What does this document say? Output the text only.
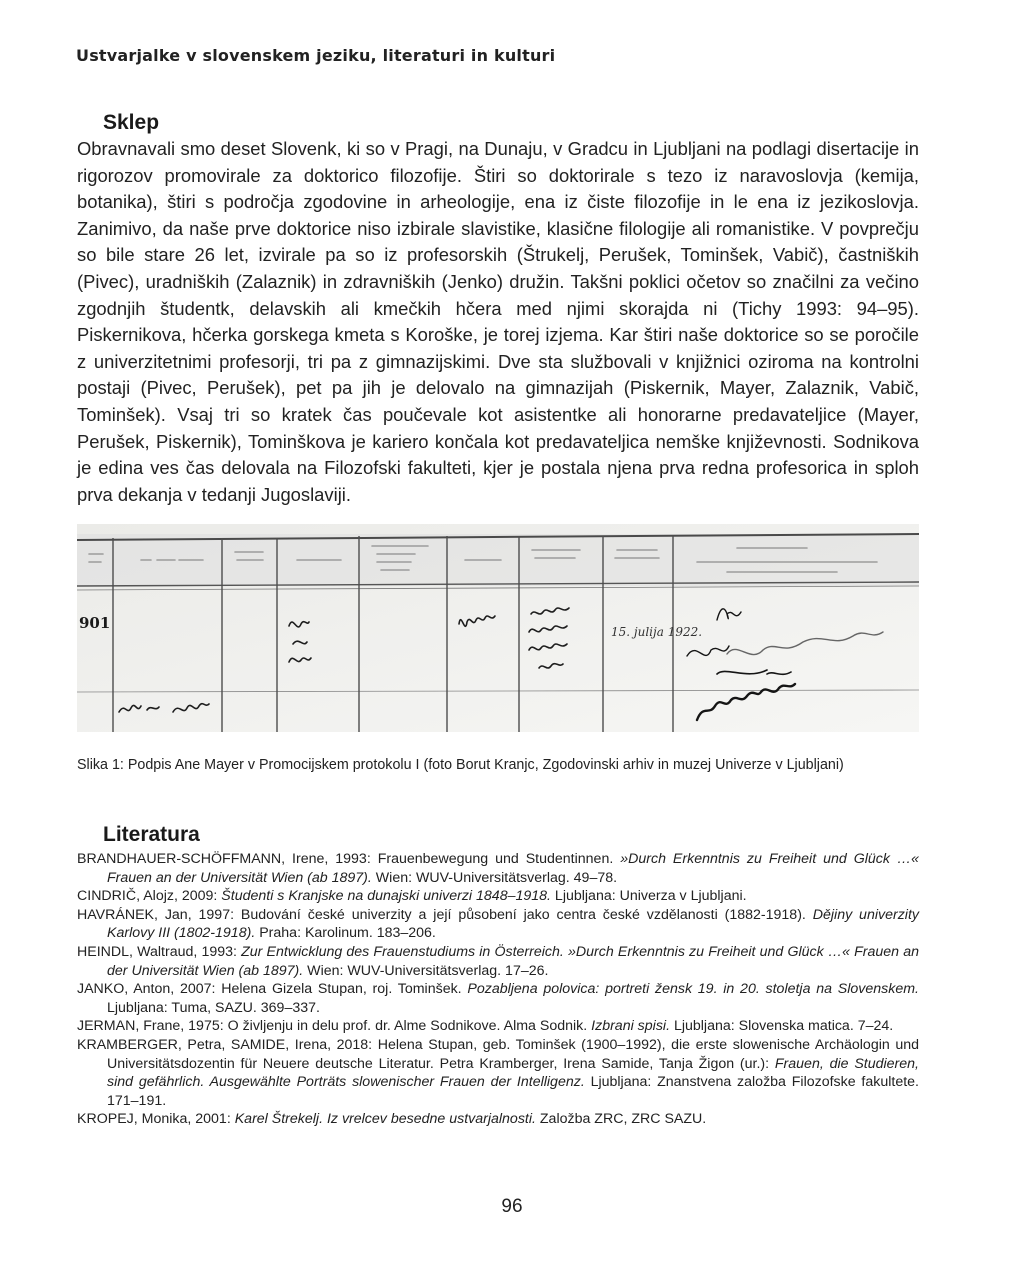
Ustvarjalke v slovenskem jeziku, literaturi in kulturi
Sklep

Obravnavali smo deset Slovenk, ki so v Pragi, na Dunaju, v Gradcu in Ljubljani na podlagi disertacije in rigorozov promovirale za doktorico filozofije. Štiri so doktorirale s tezo iz naravoslovja (kemija, botanika), štiri s področja zgodovine in arheologije, ena iz čiste filozofije in le ena iz jezikoslovja. Zanimivo, da naše prve doktorice niso izbirale slavistike, klasične filologije ali romanistike. V povprečju so bile stare 26 let, izvirale pa so iz profesorskih (Štrukelj, Perušek, Tominšek, Vabič), častniških (Pivec), uradniških (Zalaznik) in zdravniških (Jenko) družin. Takšni poklici očetov so značilni za večino zgodnjih študentk, delavskih ali kmečkih hčera med njimi skorajda ni (Tichy 1993: 94–95). Piskernikova, hčerka gorskega kmeta s Koroške, je torej izjema. Kar štiri naše doktorice so se poročile z univerzitetnimi profesorji, tri pa z gimnazijskimi. Dve sta službovali v knjižnici oziroma na kontrolni postaji (Pivec, Perušek), pet pa jih je delovalo na gimnazijah (Piskernik, Mayer, Zalaznik, Vabič, Tominšek). Vsaj tri so kratek čas poučevale kot asistentke ali honorarne predavateljice (Mayer, Perušek, Piskernik), Tominškova je kariero končala kot predavateljica nemške književnosti. Sodnikova je edina ves čas delovala na Filozofski fakulteti, kjer je postala njena prva redna profesorica in sploh prva dekanja v tedanji Jugoslaviji.

901	15. julija 1922.

Slika 1: Podpis Ane Mayer v Promocijskem protokolu I (foto Borut Kranjc, Zgodovinski arhiv in muzej Univerze v Ljubljani)

Literatura
BRANDHAUER-SCHÖFFMANN, Irene, 1993: Frauenbewegung und Studentinnen. »Durch Erkenntnis zu Freiheit und Glück …« Frauen an der Universität Wien (ab 1897). Wien: WUV-Universitätsverlag. 49–78.
CINDRIČ, Alojz, 2009: Študenti s Kranjske na dunajski univerzi 1848–1918. Ljubljana: Univerza v Ljubljani.
HAVRÁNEK, Jan, 1997: Budování české univerzity a její působení jako centra české vzdělanosti (1882-1918). Dějiny univerzity Karlovy III (1802-1918). Praha: Karolinum. 183–206.
HEINDL, Waltraud, 1993: Zur Entwicklung des Frauenstudiums in Österreich. »Durch Erkenntnis zu Freiheit und Glück …« Frauen an der Universität Wien (ab 1897). Wien: WUV-Universitätsverlag. 17–26.
JANKO, Anton, 2007: Helena Gizela Stupan, roj. Tominšek. Pozabljena polovica: portreti žensk 19. in 20. stoletja na Slovenskem. Ljubljana: Tuma, SAZU. 369–337.
JERMAN, Frane, 1975: O življenju in delu prof. dr. Alme Sodnikove. Alma Sodnik. Izbrani spisi. Ljubljana: Slovenska matica. 7–24.
KRAMBERGER, Petra, SAMIDE, Irena, 2018: Helena Stupan, geb. Tominšek (1900–1992), die erste slowenische Archäologin und Universitätsdozentin für Neuere deutsche Literatur. Petra Kramberger, Irena Samide, Tanja Žigon (ur.): Frauen, die Studieren, sind gefährlich. Ausgewählte Porträts slowenischer Frauen der Intelligenz. Ljubljana: Znanstvena založba Filozofske fakultete. 171–191.
KROPEJ, Monika, 2001: Karel Štrekelj. Iz vrelcev besedne ustvarjalnosti. Založba ZRC, ZRC SAZU.
96
